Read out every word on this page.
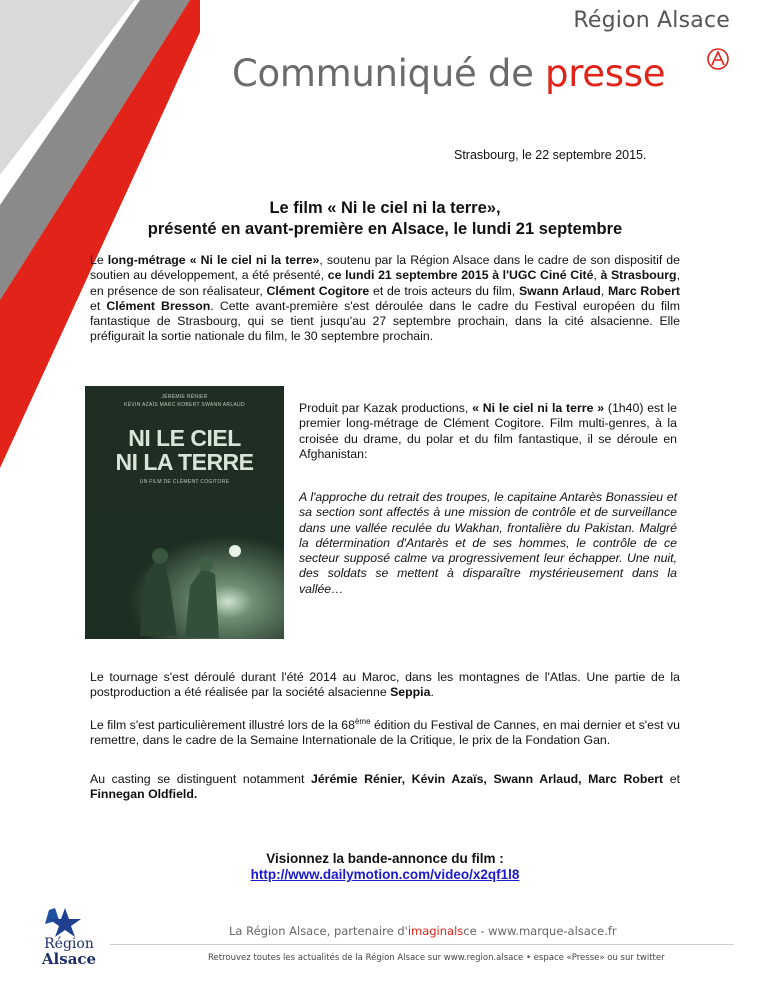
Région Alsace
Communiqué de presse
Strasbourg, le 22 septembre 2015.
Le film « Ni le ciel ni la terre»,
présenté en avant-première en Alsace, le lundi 21 septembre

Le long-métrage « Ni le ciel ni la terre», soutenu par la Région Alsace dans le cadre de son dispositif de soutien au développement, a été présenté, ce lundi 21 septembre 2015 à l'UGC Ciné Cité, à Strasbourg, en présence de son réalisateur, Clément Cogitore et de trois acteurs du film, Swann Arlaud, Marc Robert et Clément Bresson. Cette avant-première s'est déroulée dans le cadre du Festival européen du film fantastique de Strasbourg, qui se tient jusqu'au 27 septembre prochain, dans la cité alsacienne. Elle préfigurait la sortie nationale du film, le 30 septembre prochain.

JÉRÉMIE RÉNIER
KÉVIN AZAÏS MARC ROBERT SWANN ARLAUD
NI LE CIEL
NI LA TERRE
UN FILM DE CLÉMENT COGITORE

Produit par Kazak productions, « Ni le ciel ni la terre » (1h40) est le premier long-métrage de Clément Cogitore. Film multi-genres, à la croisée du drame, du polar et du film fantastique, il se déroule en Afghanistan:

A l'approche du retrait des troupes, le capitaine Antarès Bonassieu et sa section sont affectés à une mission de contrôle et de surveillance dans une vallée reculée du Wakhan, frontalière du Pakistan. Malgré la détermination d'Antarès et de ses hommes, le contrôle de ce secteur supposé calme va progressivement leur échapper. Une nuit, des soldats se mettent à disparaître mystérieusement dans la vallée…

Le tournage s'est déroulé durant l'été 2014 au Maroc, dans les montagnes de l'Atlas. Une partie de la postproduction a été réalisée par la société alsacienne Seppia.

Le film s'est particulièrement illustré lors de la 68ème édition du Festival de Cannes, en mai dernier et s'est vu remettre, dans le cadre de la Semaine Internationale de la Critique, le prix de la Fondation Gan.

Au casting se distinguent notamment Jérémie Rénier, Kévin Azaïs, Swann Arlaud, Marc Robert et Finnegan Oldfield.

Visionnez la bande-annonce du film :
http://www.dailymotion.com/video/x2qf1l8
Région
Alsace
La Région Alsace, partenaire d'imaginalsce - www.marque-alsace.fr
Retrouvez toutes les actualités de la Région Alsace sur www.region.alsace • espace «Presse» ou sur twitter
